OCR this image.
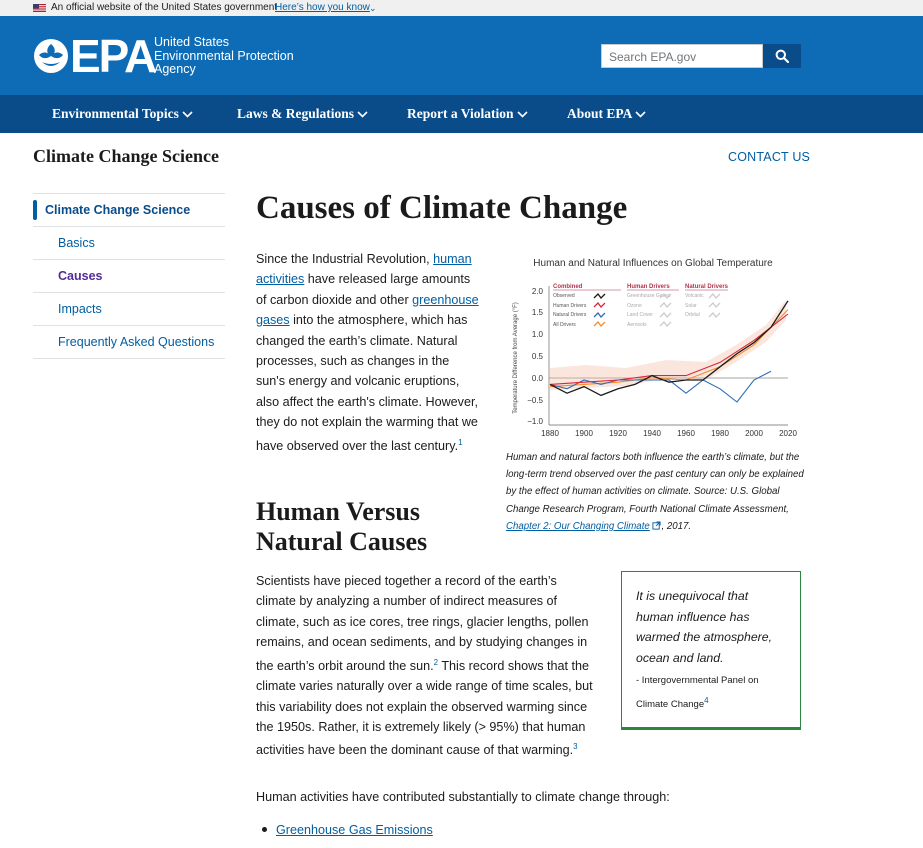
An official website of the United States government
Here’s how you know ⌄
EPA
United States
Environmental Protection
Agency
Search EPA.gov
Environmental Topics	Laws & Regulations	Report a Violation	About EPA
Climate Change Science	CONTACT US
Climate Change Science
Basics
Causes
Impacts
Frequently Asked Questions
Causes of Climate Change

Since the Industrial Revolution, human activities have released large amounts of carbon dioxide and other greenhouse gases into the atmosphere, which has changed the earth’s climate. Natural processes, such as changes in the sun's energy and volcanic eruptions, also affect the earth's climate. However, they do not explain the warming that we have observed over the last century.$^1$

Human and Natural Influences on Global Temperature
Temperature Difference from Average (°F)
2.0
1.5
1.0
0.5
0.0
−0.5
−1.0
1880 1900 1920 1940 1960 1980 2000 2020
Combined	Human Drivers	Natural Drivers
Observed
Human Drivers
Natural Drivers
All Drivers
Greenhouse Gases
Ozone
Land Cover
Aerosols
Volcanic
Solar
Orbital

Human and natural factors both influence the earth’s climate, but the long-term trend observed over the past century can only be explained by the effect of human activities on climate. Source: U.S. Global Change Research Program, Fourth National Climate Assessment, Chapter 2: Our Changing Climate , 2017.

Human Versus Natural Causes

Scientists have pieced together a record of the earth’s climate by analyzing a number of indirect measures of climate, such as ice cores, tree rings, glacier lengths, pollen remains, and ocean sediments, and by studying changes in the earth’s orbit around the sun.$^2$ This record shows that the climate varies naturally over a wide range of time scales, but this variability does not explain the observed warming since the 1950s. Rather, it is extremely likely (> 95%) that human activities have been the dominant cause of that warming.$^3$

It is unequivocal that human influence has warmed the atmosphere, ocean and land.
- Intergovernmental Panel on Climate Change$^4$

Human activities have contributed substantially to climate change through:

Greenhouse Gas Emissions
